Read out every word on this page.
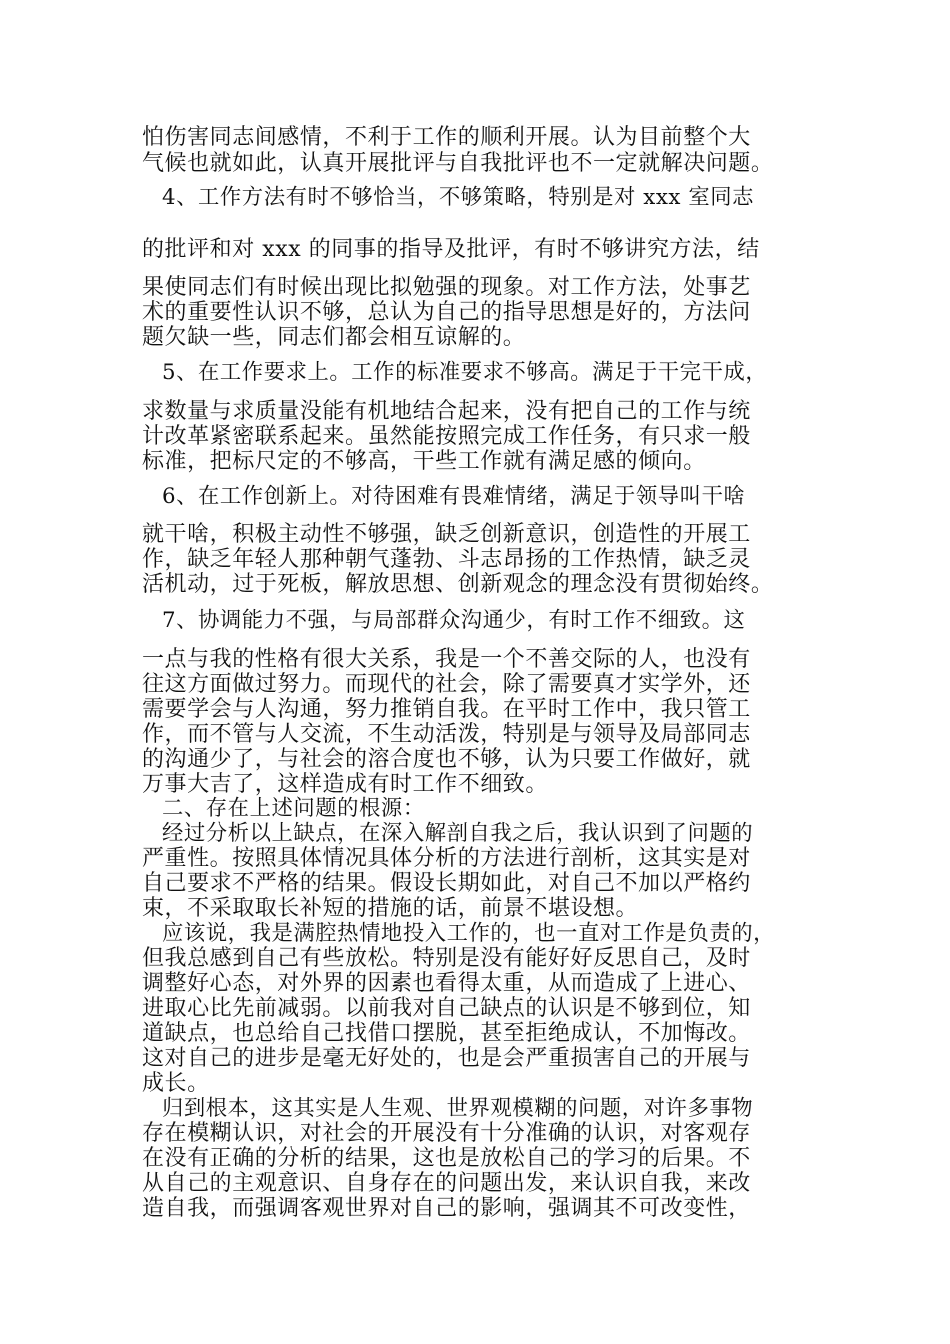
怕伤害同志间感情，不利于工作的顺利开展。认为目前整个大

气候也就如此，认真开展批评与自我批评也不一定就解决问题。

4、工作方法有时不够恰当，不够策略，特别是对 xxx 室同志

的批评和对 xxx 的同事的指导及批评，有时不够讲究方法，结

果使同志们有时候出现比拟勉强的现象。对工作方法，处事艺

术的重要性认识不够，总认为自己的指导思想是好的，方法问

题欠缺一些，同志们都会相互谅解的。

5、在工作要求上。工作的标准要求不够高。满足于干完干成，

求数量与求质量没能有机地结合起来，没有把自己的工作与统

计改革紧密联系起来。虽然能按照完成工作任务，有只求一般

标准，把标尺定的不够高，干些工作就有满足感的倾向。

6、在工作创新上。对待困难有畏难情绪，满足于领导叫干啥

就干啥，积极主动性不够强，缺乏创新意识，创造性的开展工

作，缺乏年轻人那种朝气蓬勃、斗志昂扬的工作热情，缺乏灵

活机动，过于死板，解放思想、创新观念的理念没有贯彻始终。

7、协调能力不强，与局部群众沟通少，有时工作不细致。这

一点与我的性格有很大关系，我是一个不善交际的人，也没有

往这方面做过努力。而现代的社会，除了需要真才实学外，还

需要学会与人沟通，努力推销自我。在平时工作中，我只管工

作，而不管与人交流，不生动活泼，特别是与领导及局部同志

的沟通少了，与社会的溶合度也不够，认为只要工作做好，就

万事大吉了，这样造成有时工作不细致。

二、存在上述问题的根源：

经过分析以上缺点，在深入解剖自我之后，我认识到了问题的

严重性。按照具体情况具体分析的方法进行剖析，这其实是对

自己要求不严格的结果。假设长期如此，对自己不加以严格约

束，不采取取长补短的措施的话，前景不堪设想。

应该说，我是满腔热情地投入工作的，也一直对工作是负责的，

但我总感到自己有些放松。特别是没有能好好反思自己，及时

调整好心态，对外界的因素也看得太重，从而造成了上进心、

进取心比先前减弱。以前我对自己缺点的认识是不够到位，知

道缺点，也总给自己找借口摆脱，甚至拒绝成认，不加悔改。

这对自己的进步是毫无好处的，也是会严重损害自己的开展与

成长。

归到根本，这其实是人生观、世界观模糊的问题，对许多事物

存在模糊认识，对社会的开展没有十分准确的认识，对客观存

在没有正确的分析的结果，这也是放松自己的学习的后果。不

从自己的主观意识、自身存在的问题出发，来认识自我，来改

造自我，而强调客观世界对自己的影响，强调其不可改变性，
